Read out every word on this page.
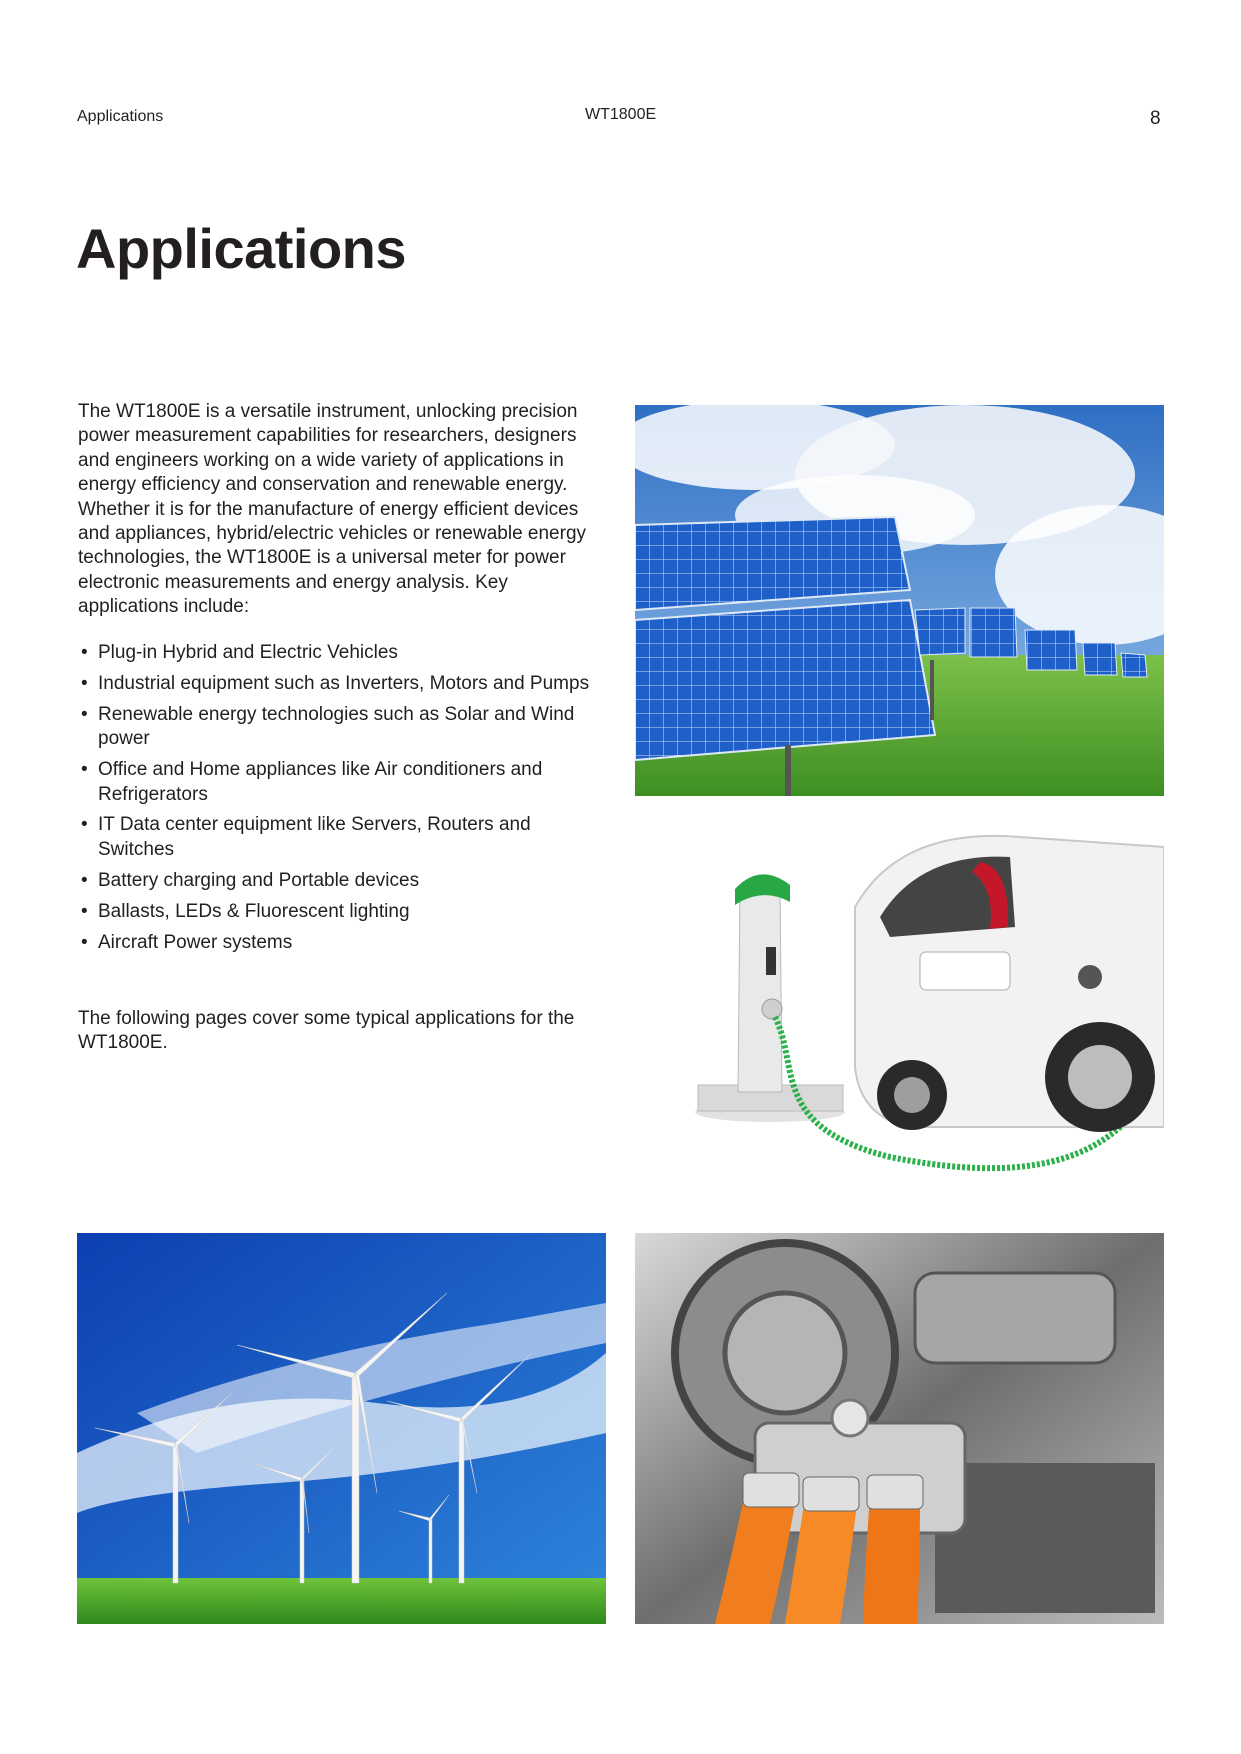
Applications	WT1800E	8
Applications

The WT1800E is a versatile instrument, unlocking precision power measurement capabilities for researchers, designers and engineers working on a wide variety of applications in energy efficiency and conservation and renewable energy. Whether it is for the manufacture of energy efficient devices and appliances, hybrid/electric vehicles or renewable energy technologies, the WT1800E is a universal meter for power electronic measurements and energy analysis. Key applications include:

• Plug-in Hybrid and Electric Vehicles
• Industrial equipment such as Inverters, Motors and Pumps
• Renewable energy technologies such as Solar and Wind power
• Office and Home appliances like Air conditioners and Refrigerators
• IT Data center equipment like Servers, Routers and Switches
• Battery charging and Portable devices
• Ballasts, LEDs & Fluorescent lighting
• Aircraft Power systems

The following pages cover some typical applications for the WT1800E.
